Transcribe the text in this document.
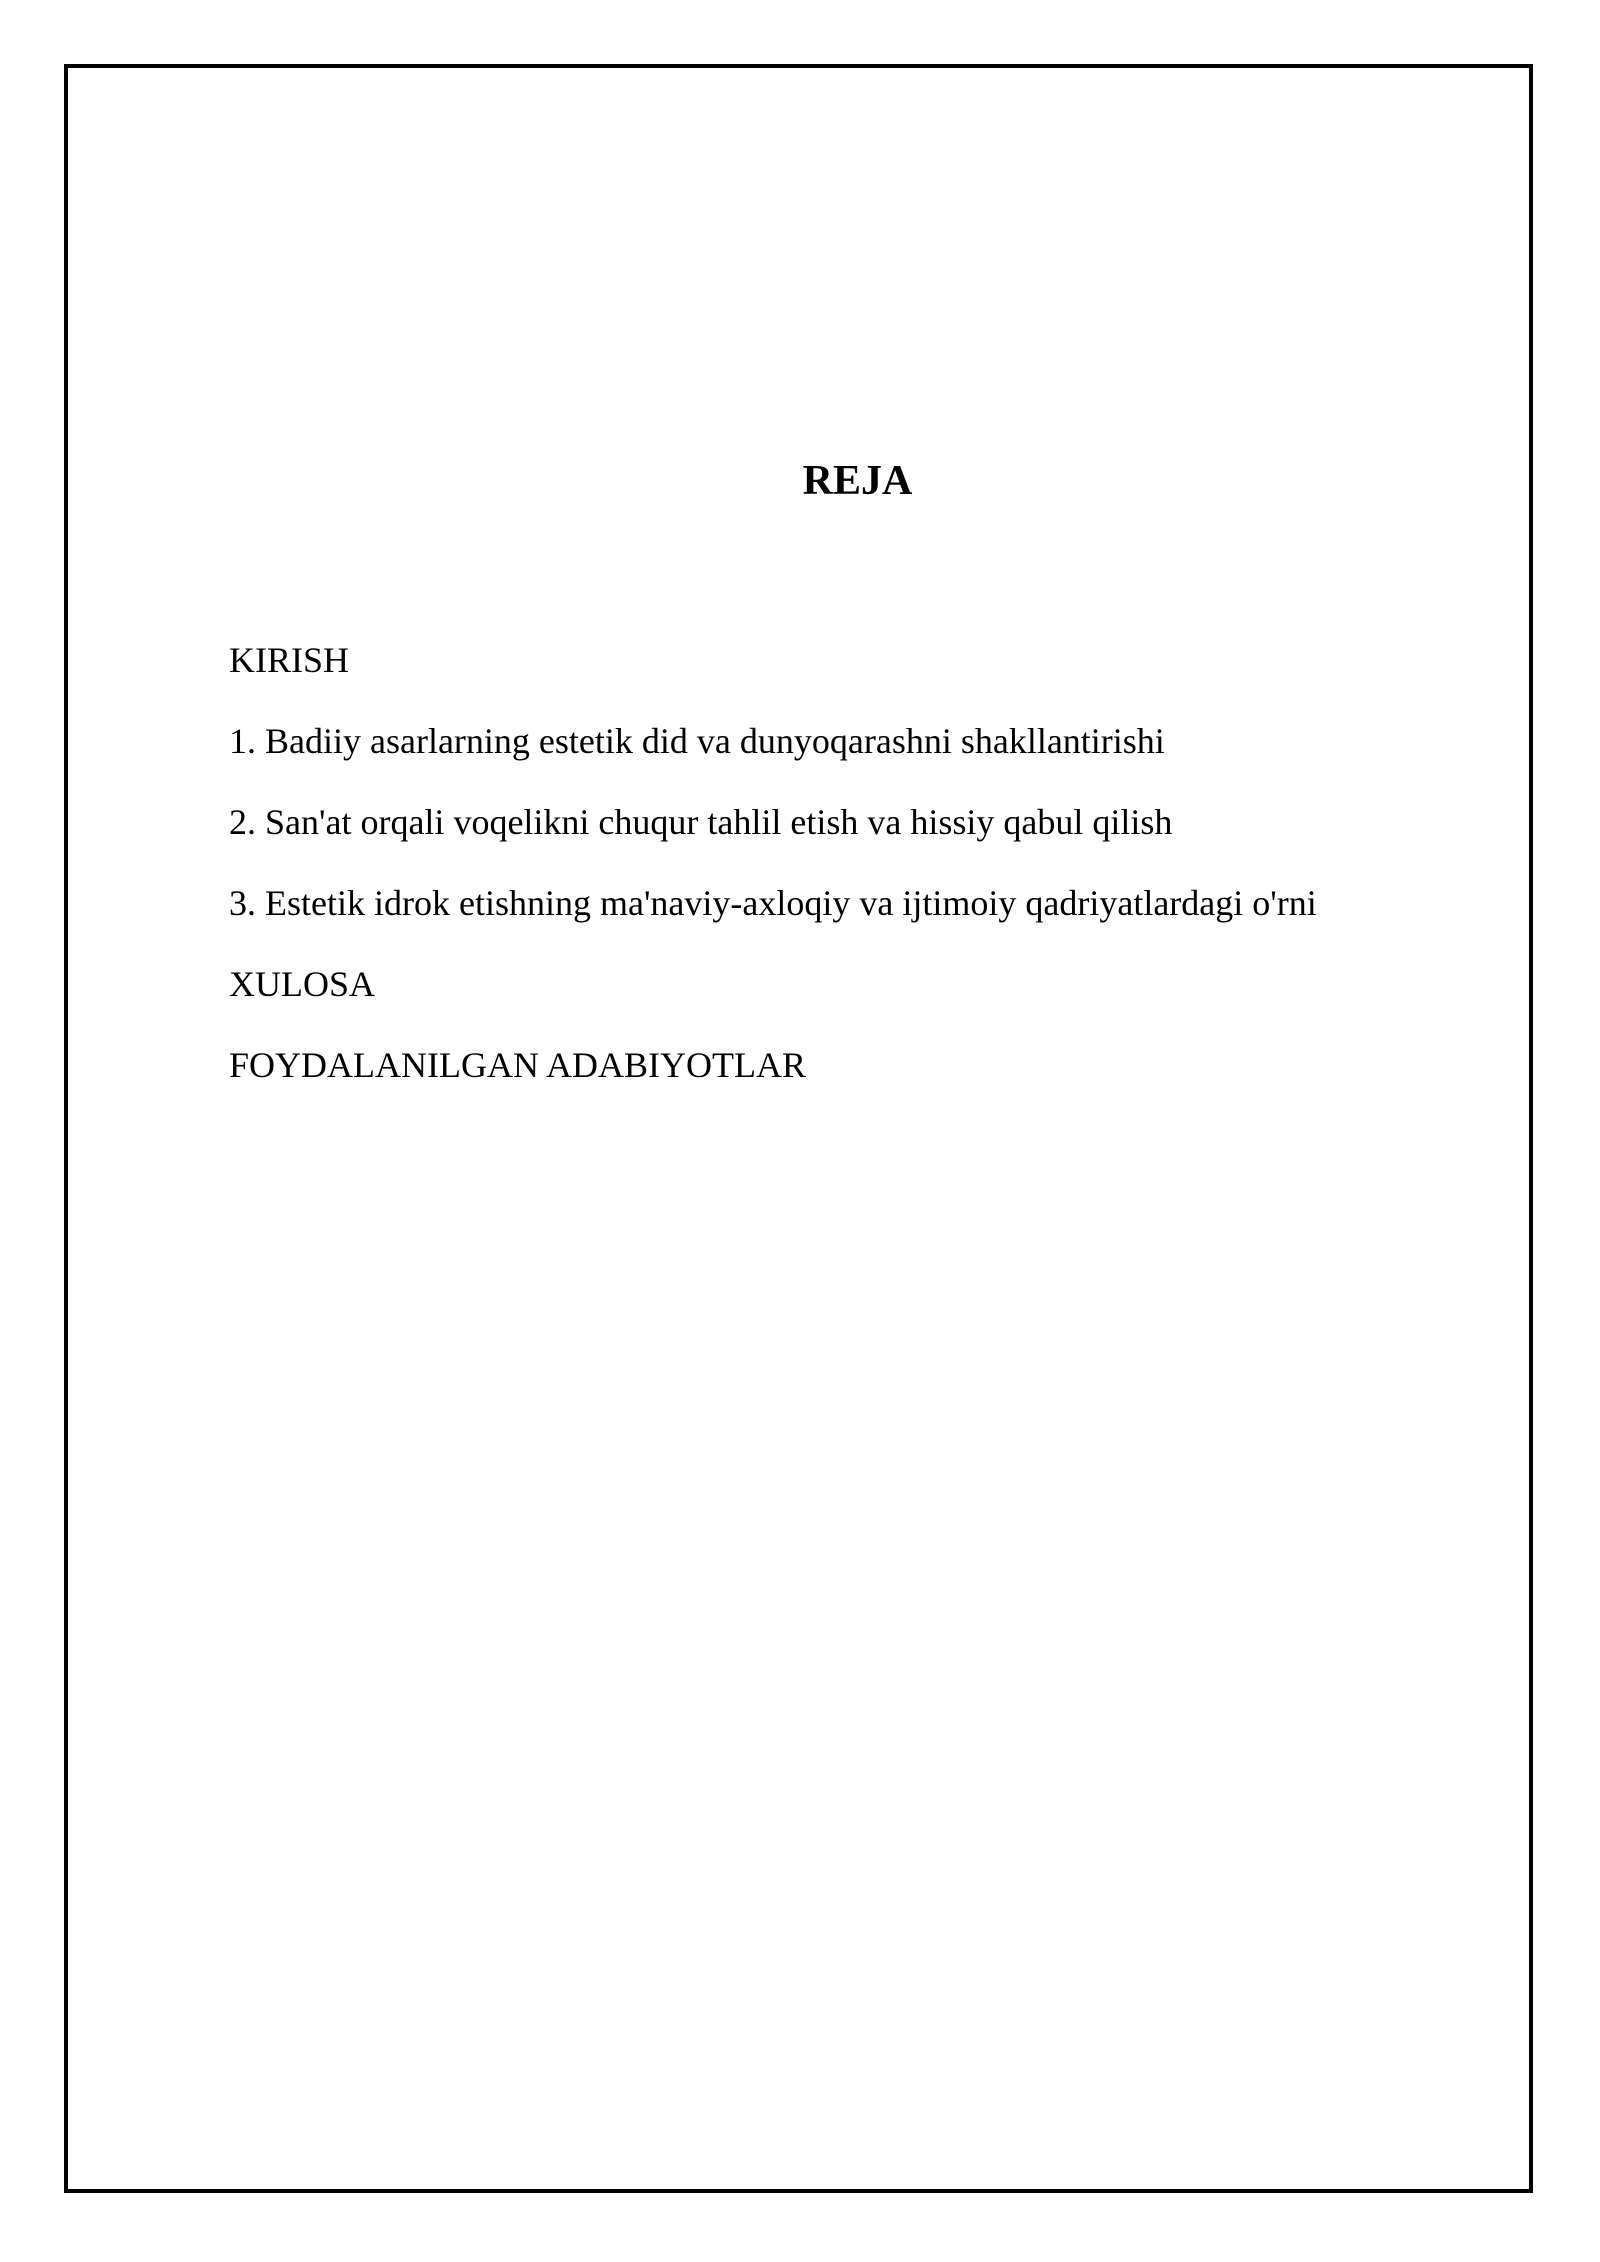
REJA
KIRISH
1. Badiiy asarlarning estetik did va dunyoqarashni shakllantirishi
2. San'at orqali voqelikni chuqur tahlil etish va hissiy qabul qilish
3. Estetik idrok etishning ma'naviy-axloqiy va ijtimoiy qadriyatlardagi o'rni
XULOSA
FOYDALANILGAN ADABIYOTLAR
